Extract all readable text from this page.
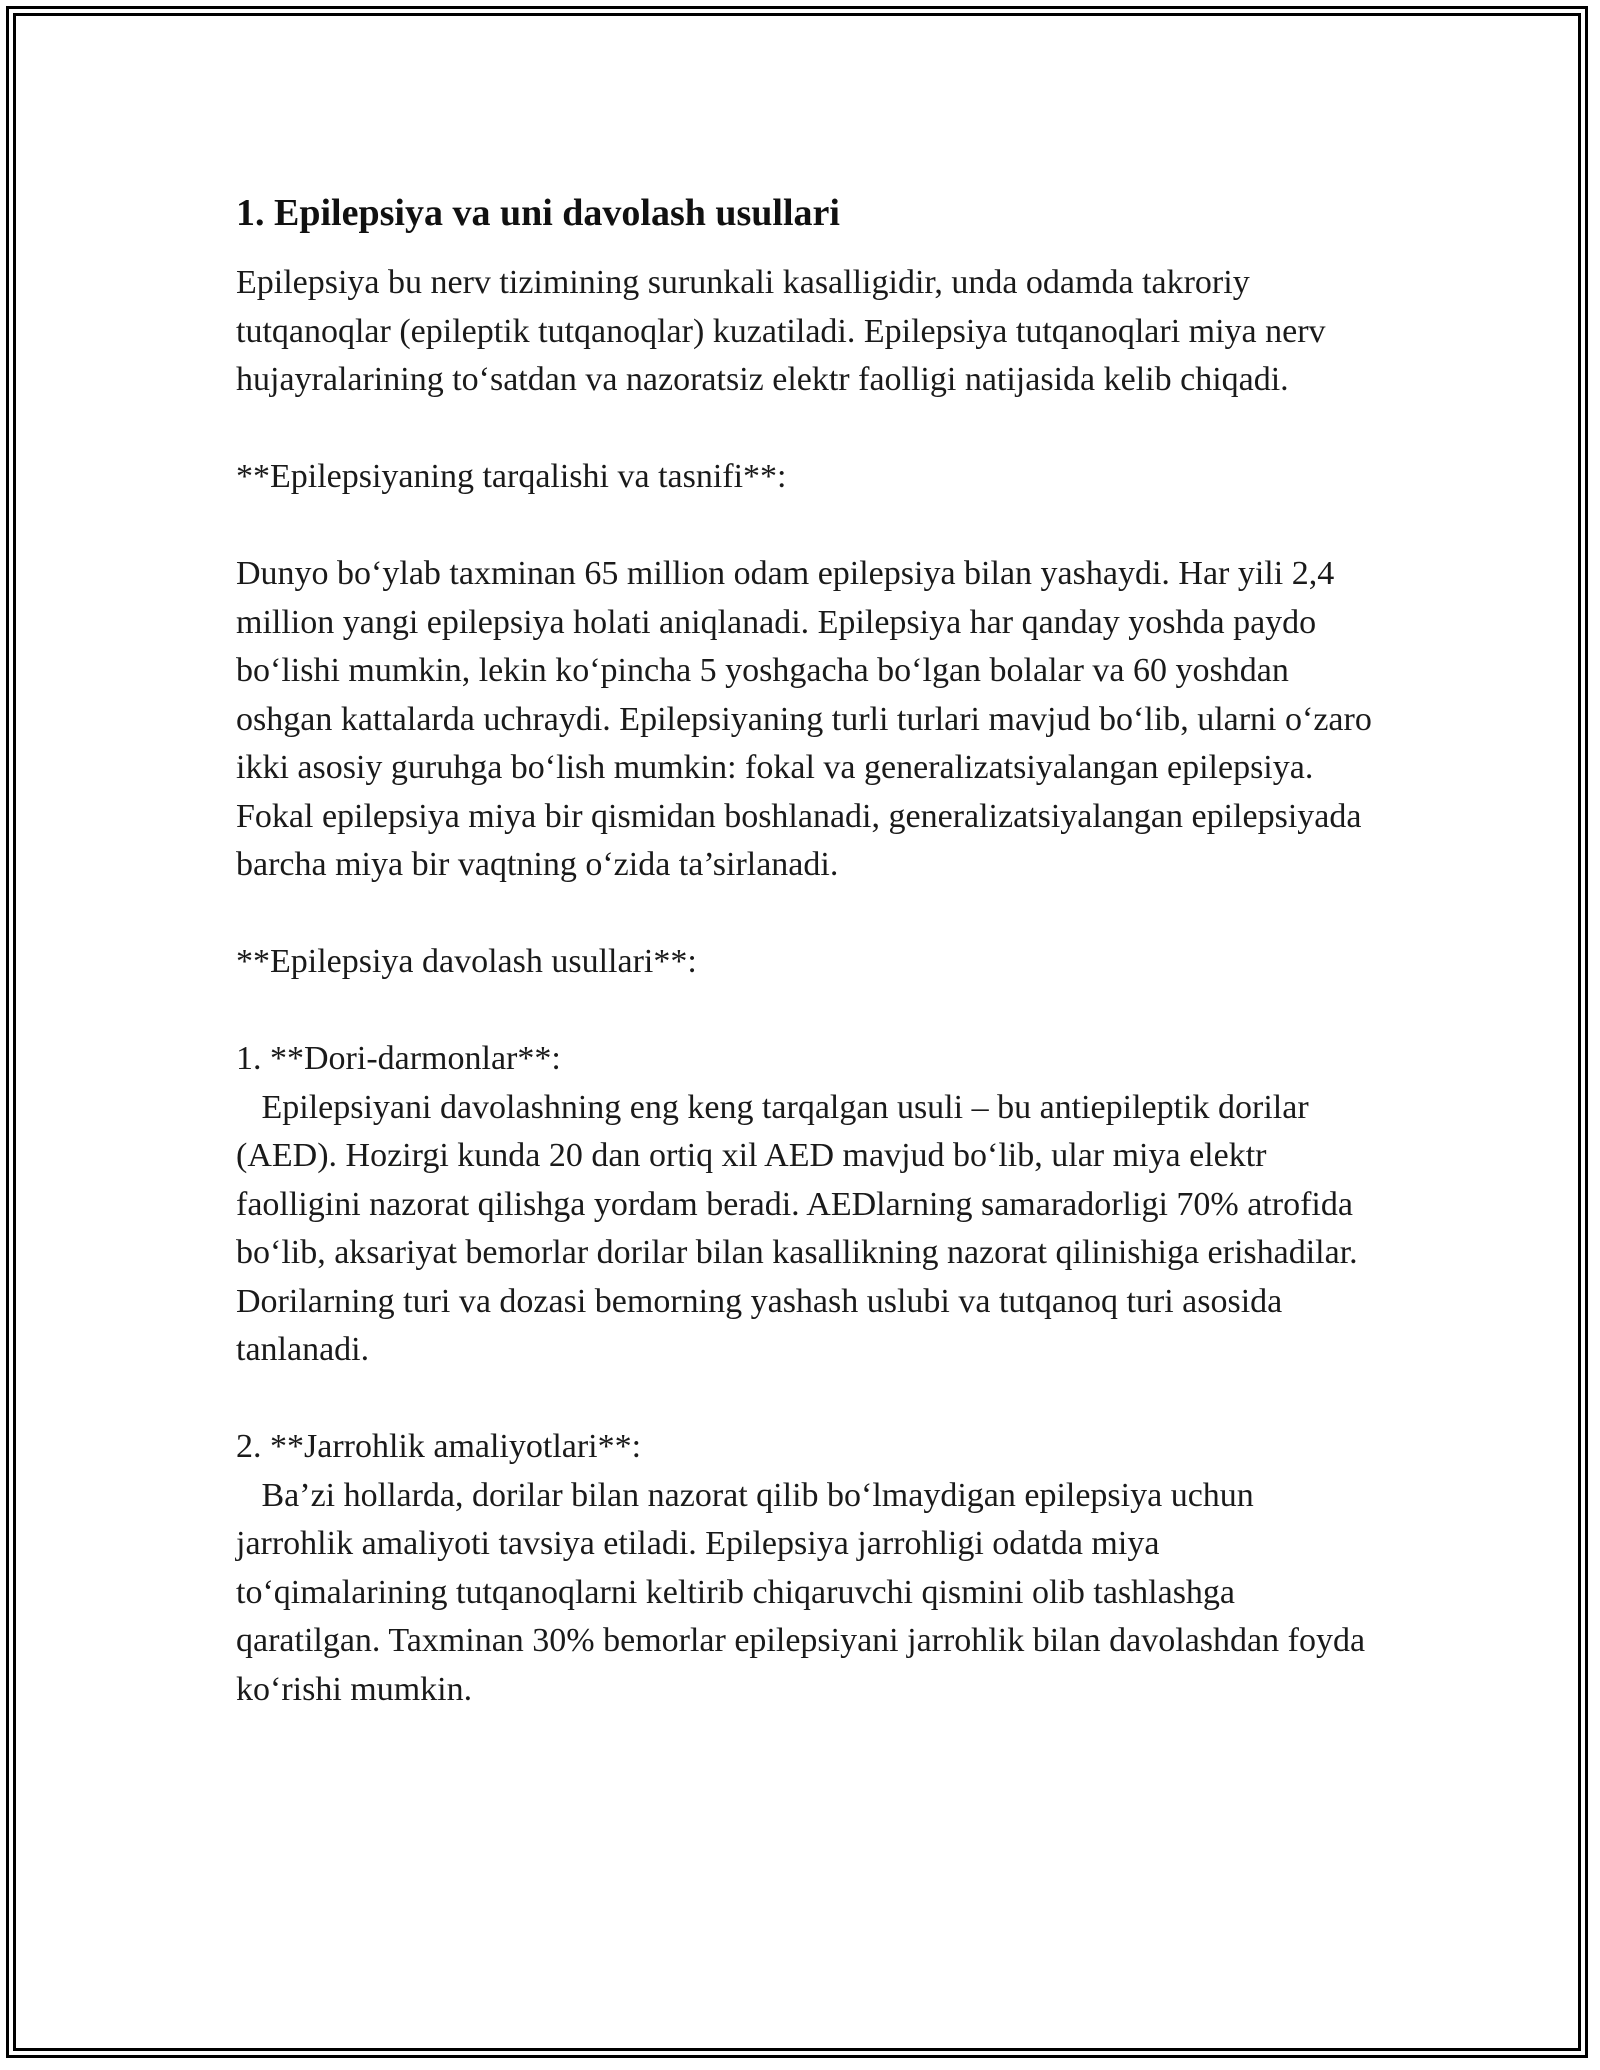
1. Epilepsiya va uni davolash usullari

Epilepsiya bu nerv tizimining surunkali kasalligidir, unda odamda takroriy tutqanoqlar (epileptik tutqanoqlar) kuzatiladi. Epilepsiya tutqanoqlari miya nerv hujayralarining to‘satdan va nazoratsiz elektr faolligi natijasida kelib chiqadi.

**Epilepsiyaning tarqalishi va tasnifi**:

Dunyo bo‘ylab taxminan 65 million odam epilepsiya bilan yashaydi. Har yili 2,4 million yangi epilepsiya holati aniqlanadi. Epilepsiya har qanday yoshda paydo bo‘lishi mumkin, lekin ko‘pincha 5 yoshgacha bo‘lgan bolalar va 60 yoshdan oshgan kattalarda uchraydi. Epilepsiyaning turli turlari mavjud bo‘lib, ularni o‘zaro ikki asosiy guruhga bo‘lish mumkin: fokal va generalizatsiyalangan epilepsiya. Fokal epilepsiya miya bir qismidan boshlanadi, generalizatsiyalangan epilepsiyada barcha miya bir vaqtning o‘zida ta’sirlanadi.

**Epilepsiya davolash usullari**:

1. **Dori-darmonlar**:

Epilepsiyani davolashning eng keng tarqalgan usuli – bu antiepileptik dorilar (AED). Hozirgi kunda 20 dan ortiq xil AED mavjud bo‘lib, ular miya elektr faolligini nazorat qilishga yordam beradi. AEDlarning samaradorligi 70% atrofida bo‘lib, aksariyat bemorlar dorilar bilan kasallikning nazorat qilinishiga erishadilar. Dorilarning turi va dozasi bemorning yashash uslubi va tutqanoq turi asosida tanlanadi.

2. **Jarrohlik amaliyotlari**:

Ba’zi hollarda, dorilar bilan nazorat qilib bo‘lmaydigan epilepsiya uchun jarrohlik amaliyoti tavsiya etiladi. Epilepsiya jarrohligi odatda miya to‘qimalarining tutqanoqlarni keltirib chiqaruvchi qismini olib tashlashga qaratilgan. Taxminan 30% bemorlar epilepsiyani jarrohlik bilan davolashdan foyda ko‘rishi mumkin.
